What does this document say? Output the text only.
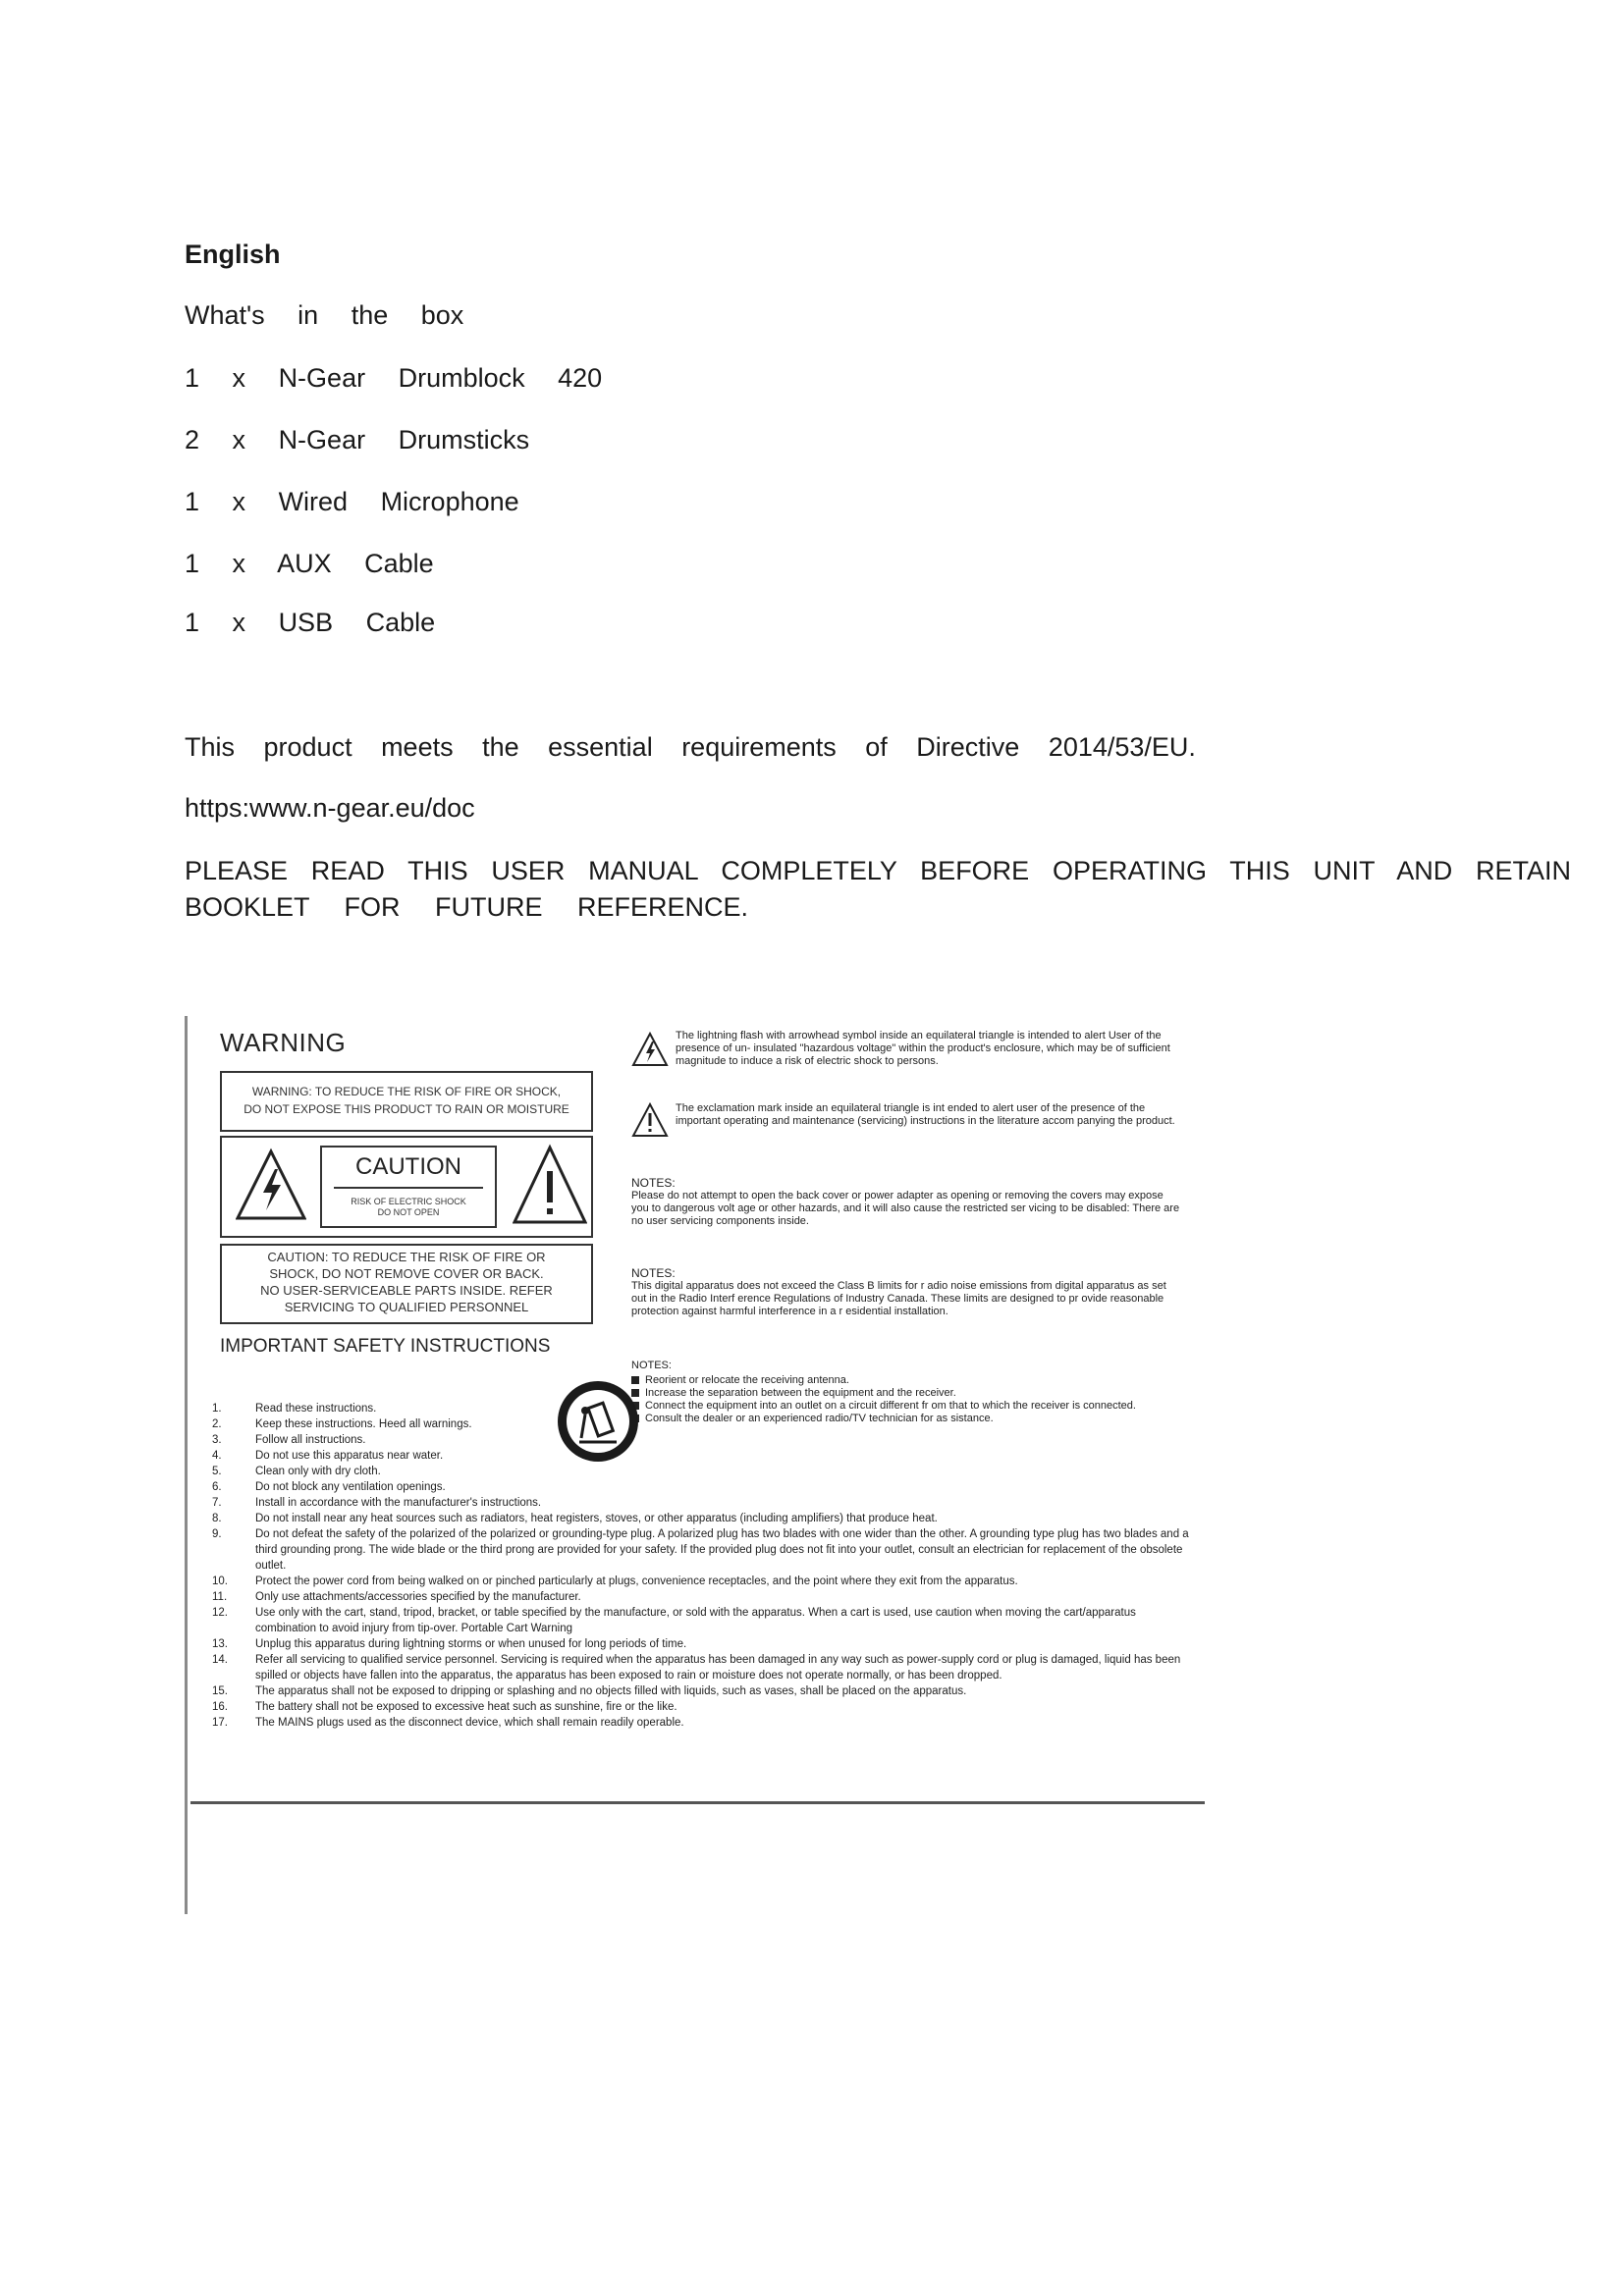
English
What's in the box
1 x N-Gear Drumblock 420
2 x N-Gear Drumsticks
1 x Wired Microphone
1 x AUX Cable
1 x USB Cable
This product meets the essential requirements of Directive 2014/53/EU.
https:www.n-gear.eu/doc
PLEASE READ THIS USER MANUAL COMPLETELY BEFORE OPERATING THIS UNIT AND RETAIN
BOOKLET FOR FUTURE REFERENCE.
WARNING
WARNING: TO REDUCE THE RISK OF FIRE OR SHOCK,
DO NOT EXPOSE THIS PRODUCT TO RAIN OR MOISTURE
CAUTION
RISK OF ELECTRIC SHOCK
DO NOT OPEN
CAUTION: TO REDUCE THE RISK OF FIRE OR
SHOCK, DO NOT REMOVE COVER OR BACK.
NO USER-SERVICEABLE PARTS INSIDE. REFER
SERVICING TO QUALIFIED PERSONNEL
The lightning flash with arrowhead symbol inside an equilateral triangle is intended to alert User of the presence of un- insulated "hazardous voltage" within the product's enclosure, which may be of sufficient magnitude to induce a risk of electric shock to persons.
The exclamation mark inside an equilateral triangle is int ended to alert user of the presence of the important operating and maintenance (servicing) instructions in the literature accom panying the product.
NOTES:
Please do not attempt to open the back cover or power adapter as opening or removing the covers may expose you to dangerous volt age or other hazards, and it will also cause the restricted ser vicing to be disabled: There are no user servicing components inside.
NOTES:
This digital apparatus does not exceed the Class B limits for r adio noise emissions from digital apparatus as set out in the Radio Interf erence Regulations of Industry Canada. These limits are designed to pr ovide reasonable protection against harmful interference in a r esidential installation.
NOTES:
Reorient or relocate the receiving antenna.
Increase the separation between the equipment and the receiver.
Connect the equipment into an outlet on a circuit different fr om that to which the receiver is connected.
Consult the dealer or an experienced radio/TV technician for as sistance.
IMPORTANT SAFETY INSTRUCTIONS
1.	Read these instructions.
2.	Keep these instructions. Heed all warnings.
3.	Follow all instructions.
4.	Do not use this apparatus near water.
5.	Clean only with dry cloth.
6.	Do not block any ventilation openings.
7.	Install in accordance with the manufacturer's instructions.
8.	Do not install near any heat sources such as radiators, heat registers, stoves, or other apparatus (including amplifiers) that produce heat.
9.	Do not defeat the safety of the polarized of the polarized or grounding-type plug. A polarized plug has two blades with one wider than the other. A grounding type plug has two blades and a third grounding prong. The wide blade or the third prong are provided for your safety. If the provided plug does not fit into your outlet, consult an electrician for replacement of the obsolete outlet.
10.	Protect the power cord from being walked on or pinched particularly at plugs, convenience receptacles, and the point where they exit from the apparatus.
11.	Only use attachments/accessories specified by the manufacturer.
12.	Use only with the cart, stand, tripod, bracket, or table specified by the manufacture, or sold with the apparatus. When a cart is used, use caution when moving the cart/apparatus combination to avoid injury from tip-over. Portable Cart Warning
13.	Unplug this apparatus during lightning storms or when unused for long periods of time.
14.	Refer all servicing to qualified service personnel. Servicing is required when the apparatus has been damaged in any way such as power-supply cord or plug is damaged, liquid has been spilled or objects have fallen into the apparatus, the apparatus has been exposed to rain or moisture does not operate normally, or has been dropped.
15.	The apparatus shall not be exposed to dripping or splashing and no objects filled with liquids, such as vases, shall be placed on the apparatus.
16.	The battery shall not be exposed to excessive heat such as sunshine, fire or the like.
17.	The MAINS plugs used as the disconnect device, which shall remain readily operable.
